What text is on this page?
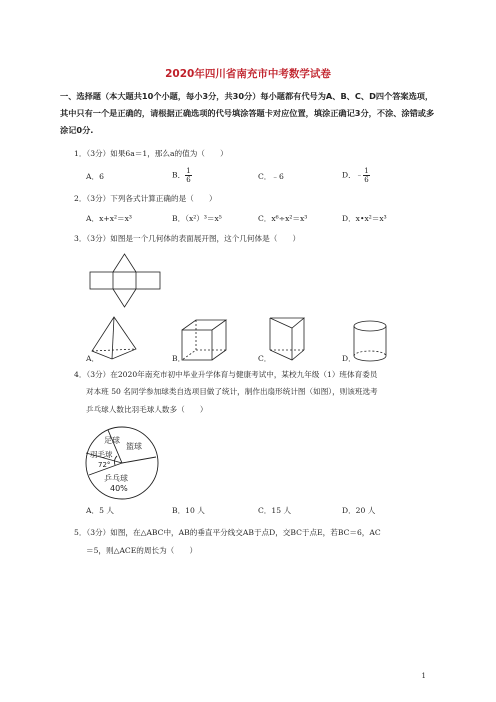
2020年四川省南充市中考数学试卷
一、选择题（本大题共10个小题，每小3分，共30分）每小题都有代号为A、B、C、D四个答案选项，其中只有一个是正确的，请根据正确选项的代号填涂答题卡对应位置，填涂正确记3分，不涂、涂错或多涂记0分.
1．（3分）如果6a＝1，那么a的值为（　　）
A．6	B． $\frac{1}{6}$	C．﹣6	D．﹣ $\frac{1}{6}$
2．（3分）下列各式计算正确的是（　　）
A．x+x²＝x³	B．（x²）³＝x⁵	C．x⁶÷x²＝x³	D．x•x²＝x³
3．（3分）如图是一个几何体的表面展开图，这个几何体是（　　）
A．	B．	C．	D．
4．（3分）在2020年南充市初中毕业升学体育与健康考试中，某校九年级（1）班体育委员
对本班 50 名同学参加球类自选项目做了统计，制作出扇形统计图（如图），则该班选考
乒乓球人数比羽毛球人数多（　　）
足球
篮球
羽毛球
72°
乒乓球
40%
A．5 人	B．10 人	C．15 人	D．20 人
5．（3分）如图，在△ABC中，AB的垂直平分线交AB于点D，交BC于点E，若BC＝6，AC
＝5，则△ACE的周长为（　　）
1
